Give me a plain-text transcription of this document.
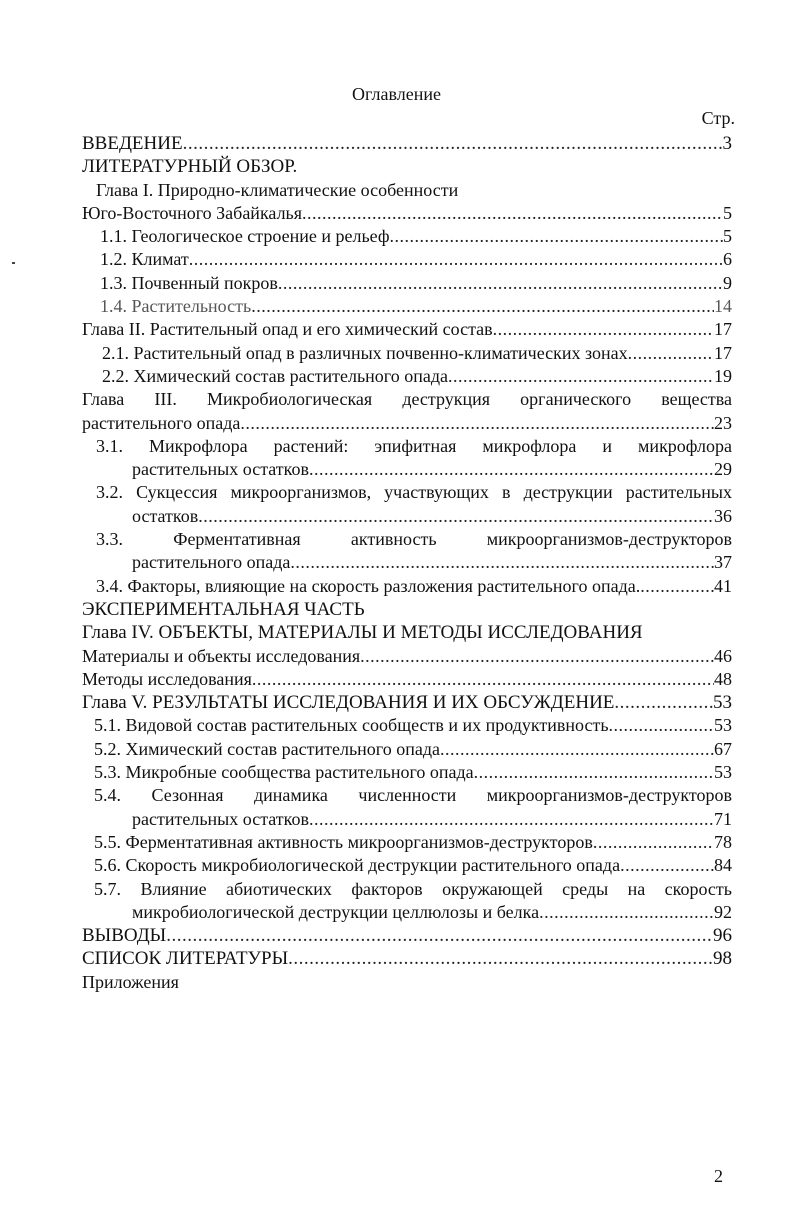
Оглавление
Стр.
ВВЕДЕНИЕ .....	3
ЛИТЕРАТУРНЫЙ ОБЗОР.
Глава I. Природно-климатические особенности
Юго-Восточного Забайкалья .....	5
1.1. Геологическое строение и рельеф .....	5
1.2. Климат .....	6
1.3. Почвенный покров .....	9
1.4. Растительность .....	14
Глава II. Растительный опад и его химический состав .....	17
2.1. Растительный опад в различных почвенно-климатических зонах .....	17
2.2. Химический состав растительного опада .....	19
Глава III. Микробиологическая деструкция органического вещества
растительного опада .....	23
3.1. Микрофлора растений: эпифитная микрофлора и микрофлора
растительных остатков .....	29
3.2. Сукцессия микроорганизмов, участвующих в деструкции растительных
остатков .....	36
3.3. Ферментативная активность микроорганизмов-деструкторов
растительного опада .....	37
3.4. Факторы, влияющие на скорость разложения растительного опада. .....	41
ЭКСПЕРИМЕНТАЛЬНАЯ ЧАСТЬ
Глава IV. ОБЪЕКТЫ, МАТЕРИАЛЫ И МЕТОДЫ ИССЛЕДОВАНИЯ
Материалы и объекты исследования .....	46
Методы исследования .....	48
Глава V. РЕЗУЛЬТАТЫ ИССЛЕДОВАНИЯ И ИХ ОБСУЖДЕНИЕ .....	53
5.1. Видовой состав растительных сообществ и их продуктивность .....	53
5.2. Химический состав растительного опада .....	67
5.3. Микробные сообщества растительного опада .....	53
5.4. Сезонная динамика численности микроорганизмов-деструкторов
растительных остатков .....	71
5.5. Ферментативная активность микроорганизмов-деструкторов .....	78
5.6. Скорость микробиологической деструкции растительного опада .....	84
5.7. Влияние абиотических факторов окружающей среды на скорость
микробиологической деструкции целлюлозы и белка .....	92
ВЫВОДЫ .....	96
СПИСОК ЛИТЕРАТУРЫ .....	98
Приложения
2
